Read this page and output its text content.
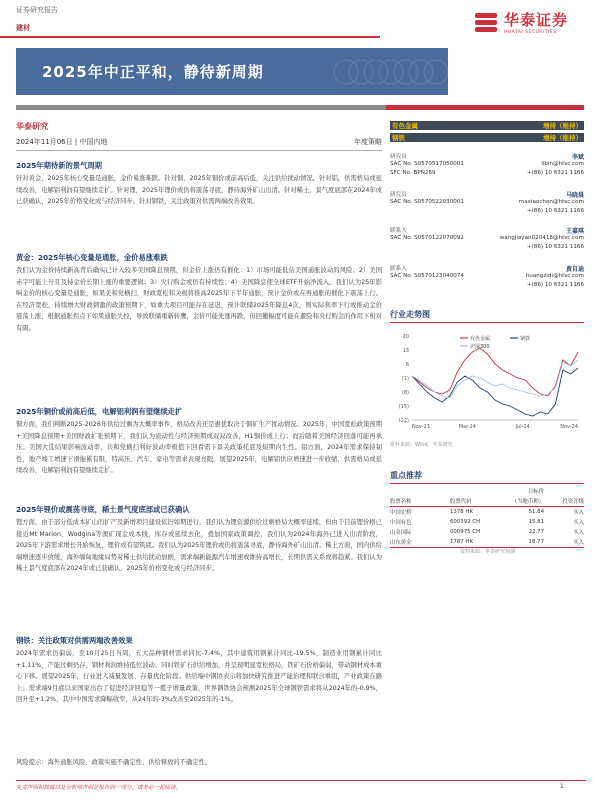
证券研究报告
建材	华泰证券
HUATAI SECURITIES
2025年中正平和，静待新周期
华泰研究
2024年11月06日 | 中国内地	年度策略
2025年期待新的景气周期
针对黄金，2025年核心变量是通胀，金价易涨难跌。针对铜，2025年铜价或前高后低，关注供给扰动情况。针对铝，供需格局或延续改善，电解铝利润有望继续走扩。针对锂，2025年锂价或仍将震荡寻底，静待海外矿山出清。针对稀土，景气度底部在2024年或已获确认，2025年价格变化或与经济同步。针对钢铁，关注政策对供需两端改善效果。
黄金：2025年核心变量是通胀，金价易涨难跌
我们认为金价持续新高背后确实已计入较多美国降息预期，但金价上涨仍有催化：1）市场可能低估美国通胀波动的风险；2）美国赤字可能上升且及持金价长期上涨的重要逻辑；3）央行购金或仍有持续性；4）美国降息使全球ETF开始净流入。我们认为25年影响金价的核心变量是通胀，如果美和党横扫，财政宽松和关税将推高2025年下半年通胀，预计金价或在再通胀的催化下震荡上行。在经济宽松，持续增大财政刺激的政策预期下，如重大项目可能存在延迟，预计联储2025年降息4次，则实际利率下行或推动金价震荡上涨，根据通胀拐点下如果通胀失控，导致联储重新转鹰，金价可能先涨再跌，但回撤幅度可能在避险和央行购金的作用下相对有限。
2025年铜价或前高后低，电解铝利润有望继续走扩
铜方面，我们判断2025-2026年供给过剩为大概率事件，格局改善还是惠优取决于铜矿生产扰动情况。2025年，中国宽松政策预期+美国降息预期+美国财政扩张预期下，我们认为流动性与经济预期或双双改善，H1铜价或上行；而后随着美国经济回落可能再承压。美国大选结果影响波动率，共和党横扫利好波动率极值下回看需下景关政策托底及短期内生性。铝方面，2024年需求保持韧性，地产竣工增速下滑拖累有限，特高压、汽车、家电等需求表现亮眼。展望2025年，电解铝供应增速进一步收缩，供需格局或延续改善，电解铝利润有望继续走扩。
2025年锂价或震荡寻底，稀土景气度底部或已获确认
锂方面，由于部分低成本矿山的扩产及新增项目建设依旧如期进行，我们认为锂资源供给过剩格局大概率延续，但由于目前锂价格已接近Mt Marion、Wodgina等澳矿现金成本线，库存或延续去化，叠加国家政策调控，我们认为2024年海外已进入出清阶段，2025年下游需求增长开始恢复，锂价或有望筑底。我们认为2025年锂价或仍将震荡寻底，静待海外矿山出清。稀土方面，国内供给端增速逐步放缓，海外缅甸地缘局势对稀土供给扰动加剧，需求端新能源汽车增速或维持高增长，长期供需关系或将趋紧。我们认为稀土景气度底部在2024年或已获确认，2025年价格变化或与经济同步。
钢铁：关注政策对供需两端改善效果
2024年需求仍偏弱，至10月25日当周，五大品种钢材需求同比-7.4%，其中建筑用钢累计同比-19.5%，制造业用钢累计同比+1.11%，产能过剩仍存，钢材利润维持低位波动。同时铁矿石供给增加，并呈现明显宽松格局，铁矿石价格偏弱，带动钢材成本重心下移。展望2025年，行业进入减量发展、存量优化阶段。供给端中钢协表示将加快研究推进产能治理和联合重组，产业政策在路上；需求端9月底以来国家出台了促进经济回稳等一揽子增量政策，世界钢铁协会预测2025年全球钢铁需求将从2024年的-0.9%，回升至+1.2%，其中中国需求降幅收窄，从24年的-3%改善至2025年的-1%。
风险提示：海外通胀风险、政策实施不确定性、供给释放的不确定性。
有色金属	增持（维持）
钢铁	增持（维持）
研究员	李斌
SAC No. S0570517050001	libin@htsc.com
SFC No. BPN269	+(86) 10 6321 1166
研究员	马晓晨
SAC No. S0570522030001	maxiaochen@htsc.com
+(86) 10 6321 1166
联系人	王嘉琪
SAC No. S0570122070092	wangjiayan020418@htsc.com
+(86) 10 6321 1166
联系人	黄自迪
SAC No. S0570123040074	huangzidi@htsc.com
+(86) 10 6321 1166
行业走势图
20
13
6
(1)
(8)
(15)
(22)
Nov-23	Mar-24	Jul-24	Nov-24
有色金属	钢铁
沪深300
资料来源：Wind，华泰研究
重点推荐
		目标价	
股票名称	股票代码	（当地币种）	投资评级
中国宏桥	1378 HK	51.84	买入
中国有色	600392 CH	15.81	买入
山金国际	000975 CH	22.77	买入
山东黄金	1787 HK	18.77	买入
资料来源：华泰研究预测
免责声明和披露以及分析师声明是报告的一部分，请务必一起阅读。	1
